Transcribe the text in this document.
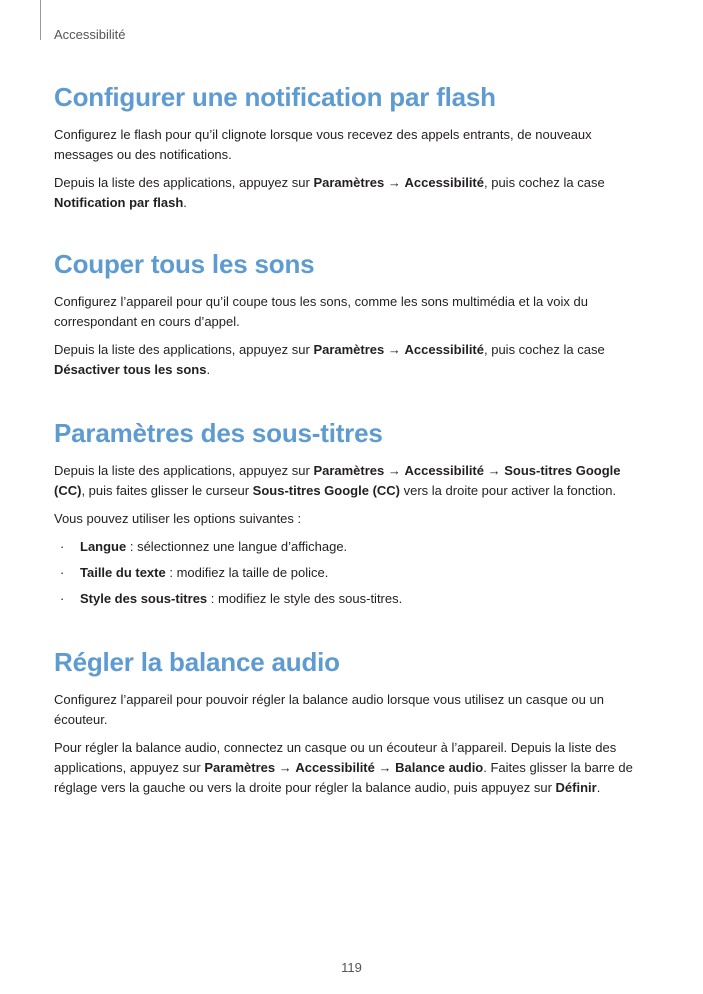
Accessibilité
Configurer une notification par flash

Configurez le flash pour qu’il clignote lorsque vous recevez des appels entrants, de nouveaux messages ou des notifications.

Depuis la liste des applications, appuyez sur Paramètres → Accessibilité, puis cochez la case Notification par flash.

Couper tous les sons

Configurez l’appareil pour qu’il coupe tous les sons, comme les sons multimédia et la voix du correspondant en cours d’appel.

Depuis la liste des applications, appuyez sur Paramètres → Accessibilité, puis cochez la case Désactiver tous les sons.

Paramètres des sous-titres

Depuis la liste des applications, appuyez sur Paramètres → Accessibilité → Sous-titres Google (CC), puis faites glisser le curseur Sous-titres Google (CC) vers la droite pour activer la fonction.

Vous pouvez utiliser les options suivantes :

· Langue : sélectionnez une langue d’affichage.
· Taille du texte : modifiez la taille de police.
· Style des sous-titres : modifiez le style des sous-titres.
Régler la balance audio

Configurez l’appareil pour pouvoir régler la balance audio lorsque vous utilisez un casque ou un écouteur.

Pour régler la balance audio, connectez un casque ou un écouteur à l’appareil. Depuis la liste des applications, appuyez sur Paramètres → Accessibilité → Balance audio. Faites glisser la barre de réglage vers la gauche ou vers la droite pour régler la balance audio, puis appuyez sur Définir.

119
